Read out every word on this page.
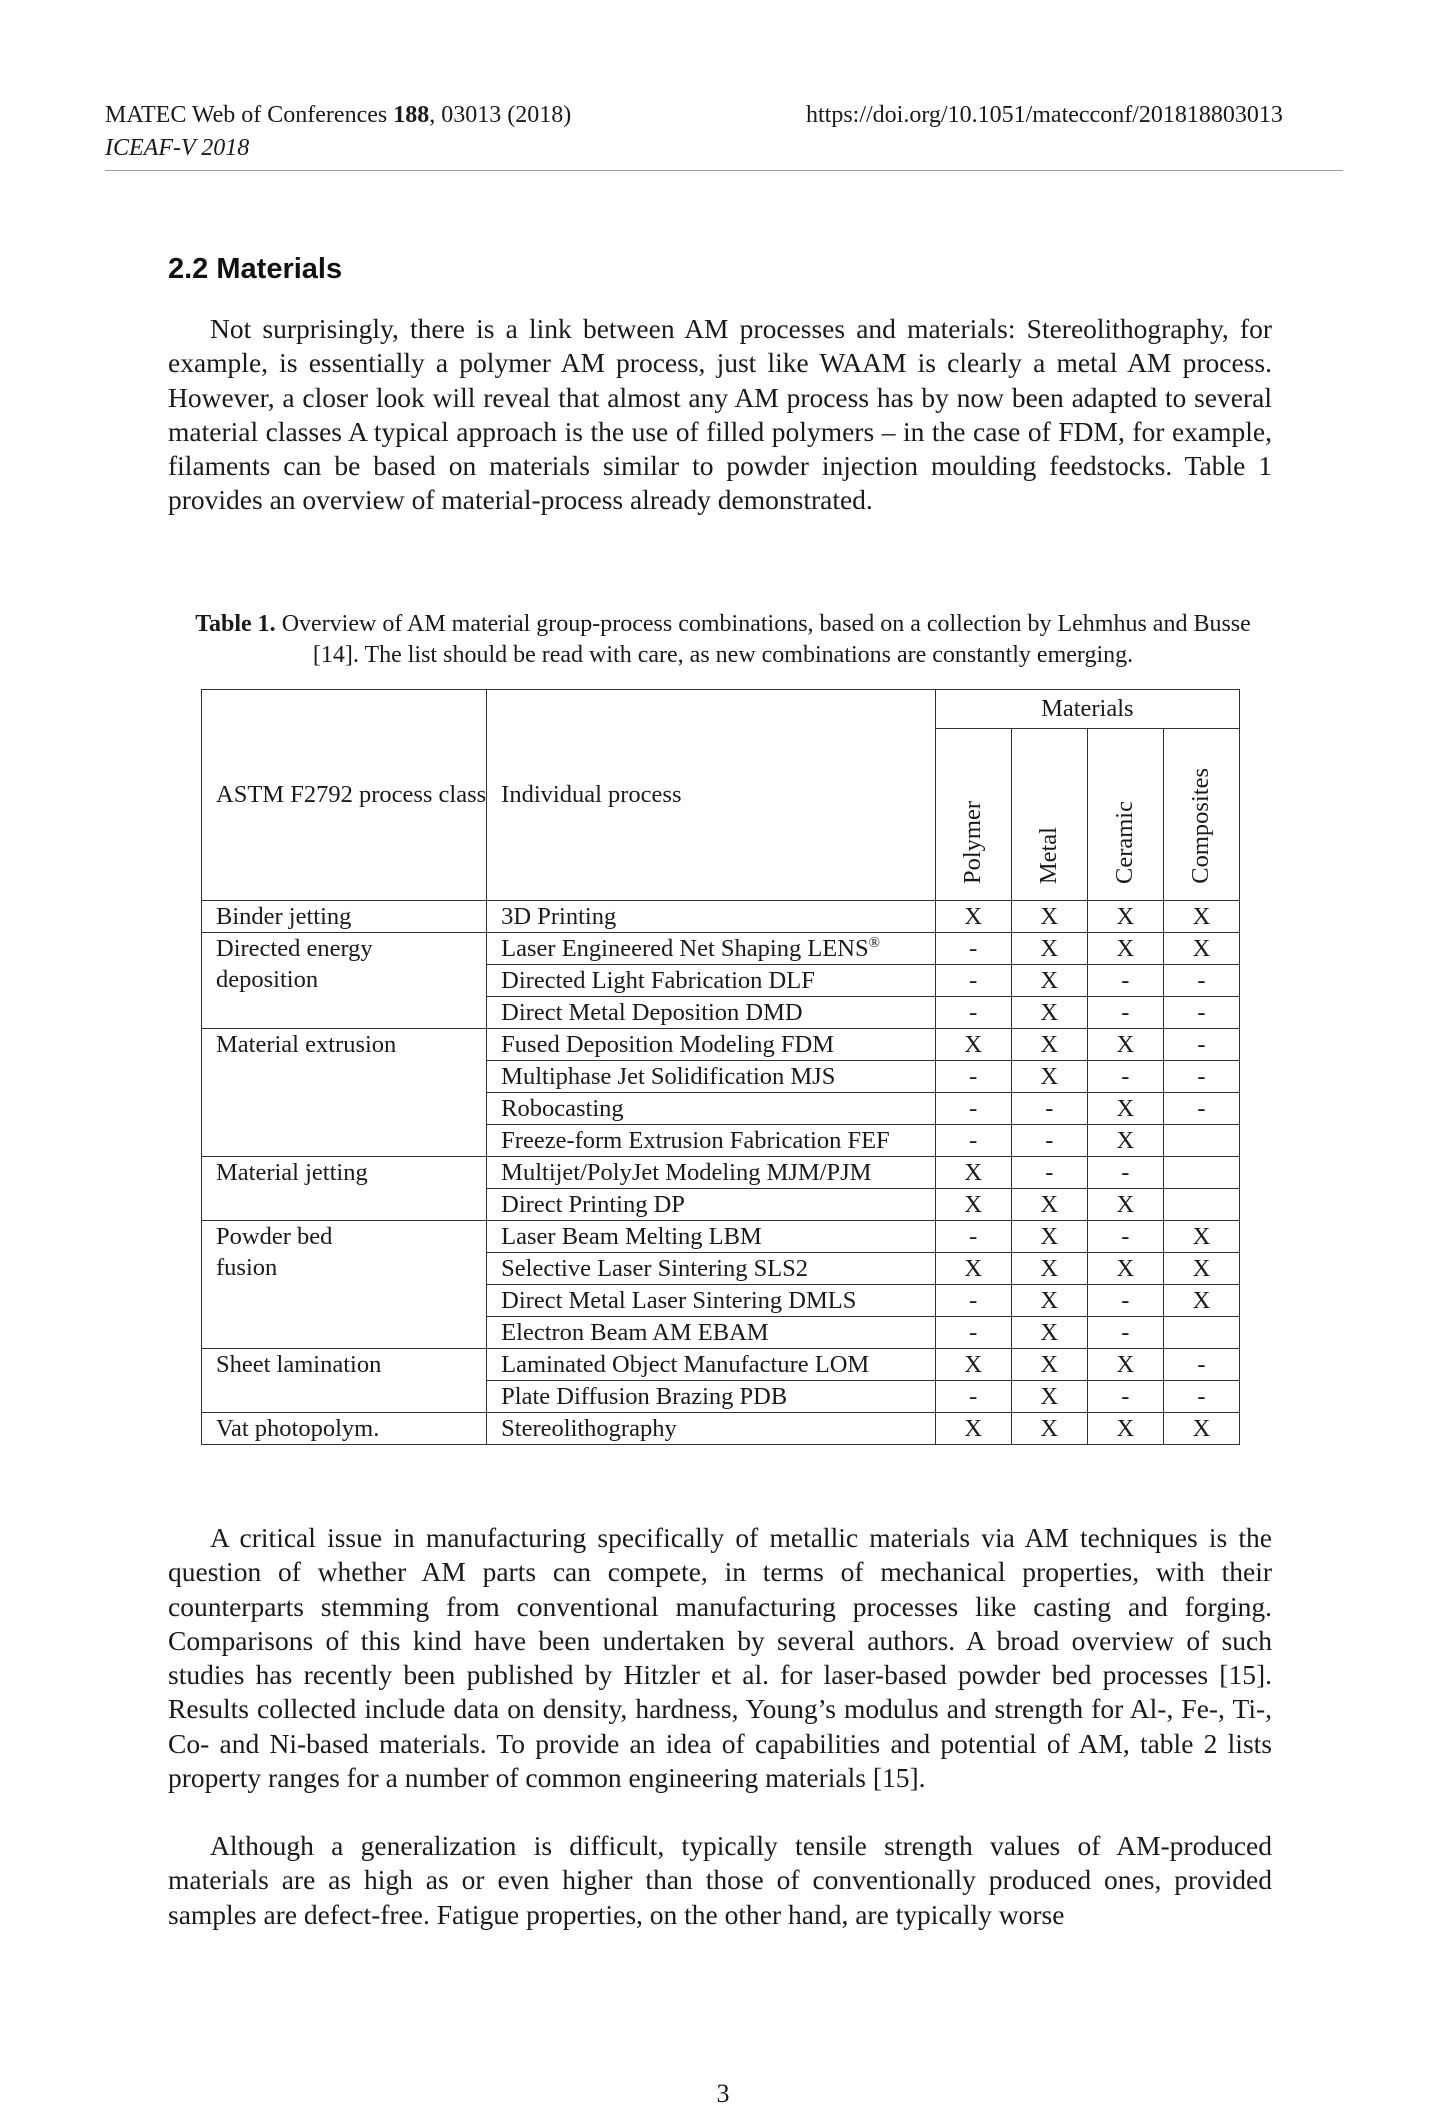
MATEC Web of Conferences 188, 03013 (2018)
ICEAF-V 2018
https://doi.org/10.1051/matecconf/201818803013
2.2 Materials

Not surprisingly, there is a link between AM processes and materials: Stereolithography, for example, is essentially a polymer AM process, just like WAAM is clearly a metal AM process. However, a closer look will reveal that almost any AM process has by now been adapted to several material classes A typical approach is the use of filled polymers – in the case of FDM, for example, filaments can be based on materials similar to powder injection moulding feedstocks. Table 1 provides an overview of material-process already demonstrated.

Table 1. Overview of AM material group-process combinations, based on a collection by Lehmhus and Busse [14]. The list should be read with care, as new combinations are constantly emerging.

ASTM F2792 process class	Individual process	Materials			
		Polymer	Metal	Ceramic	Composites
Binder jetting	3D Printing	X	X	X	X
Directed energy
deposition	Laser Engineered Net Shaping LENS®	-	X	X	X
	Directed Light Fabrication DLF	-	X	-	-
	Direct Metal Deposition DMD	-	X	-	-
Material extrusion	Fused Deposition Modeling FDM	X	X	X	-
	Multiphase Jet Solidification MJS	-	X	-	-
	Robocasting	-	-	X	-
	Freeze-form Extrusion Fabrication FEF	-	-	X	
Material jetting	Multijet/PolyJet Modeling MJM/PJM	X	-	-	
	Direct Printing DP	X	X	X	
Powder bed
fusion	Laser Beam Melting LBM	-	X	-	X
	Selective Laser Sintering SLS2	X	X	X	X
	Direct Metal Laser Sintering DMLS	-	X	-	X
	Electron Beam AM EBAM	-	X	-	
Sheet lamination	Laminated Object Manufacture LOM	X	X	X	-
	Plate Diffusion Brazing PDB	-	X	-	-
Vat photopolym.	Stereolithography	X	X	X	X

A critical issue in manufacturing specifically of metallic materials via AM techniques is the question of whether AM parts can compete, in terms of mechanical properties, with their counterparts stemming from conventional manufacturing processes like casting and forging. Comparisons of this kind have been undertaken by several authors. A broad overview of such studies has recently been published by Hitzler et al. for laser-based powder bed processes [15]. Results collected include data on density, hardness, Young’s modulus and strength for Al-, Fe-, Ti-, Co- and Ni-based materials. To provide an idea of capabilities and potential of AM, table 2 lists property ranges for a number of common engineering materials [15].

Although a generalization is difficult, typically tensile strength values of AM-produced materials are as high as or even higher than those of conventionally produced ones, provided samples are defect-free. Fatigue properties, on the other hand, are typically worse

3
